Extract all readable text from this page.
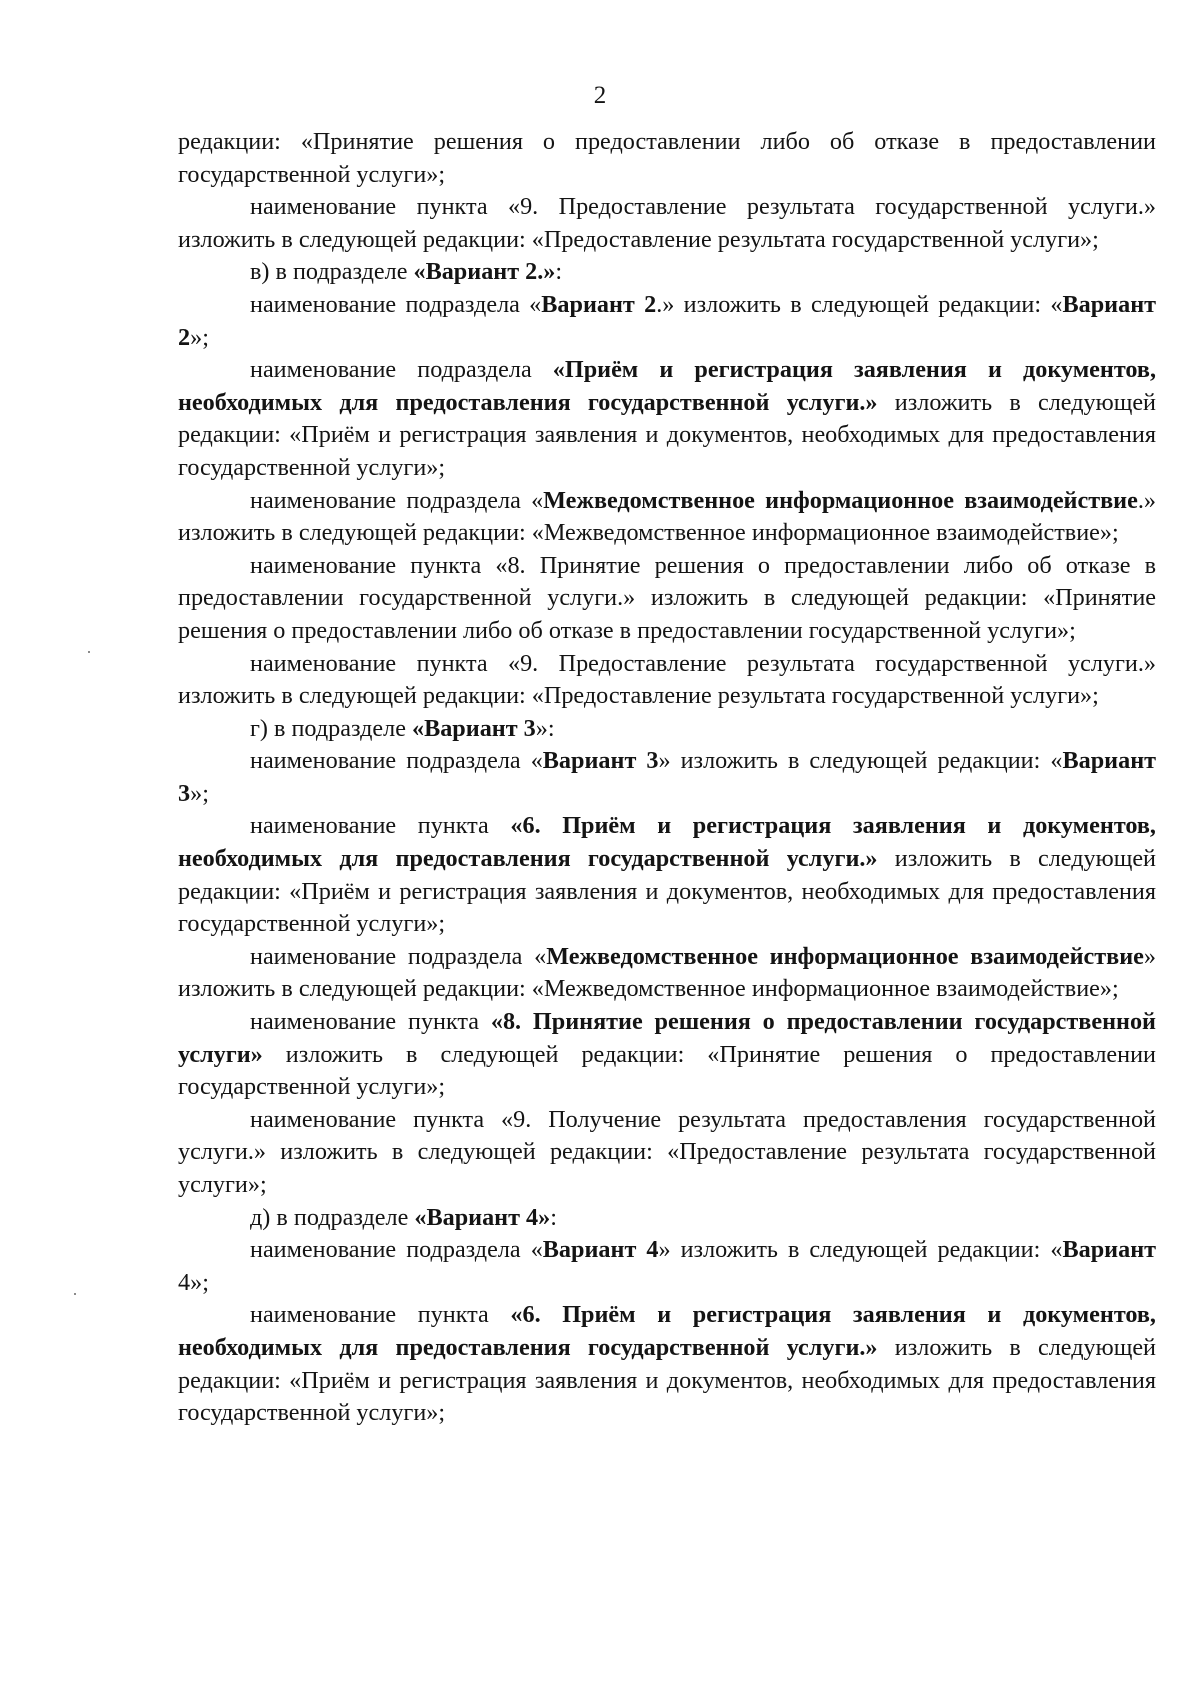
2

редакции: «Принятие решения о предоставлении либо об отказе в предоставлении государственной услуги»;

наименование пункта «9. Предоставление результата государственной услуги.» изложить в следующей редакции: «Предоставление результата государственной услуги»;

в) в подразделе «Вариант 2.»:

наименование подраздела «Вариант 2.» изложить в следующей редакции: «Вариант 2»;

наименование подраздела «Приём и регистрация заявления и документов, необходимых для предоставления государственной услуги.» изложить в следующей редакции: «Приём и регистрация заявления и документов, необходимых для предоставления государственной услуги»;

наименование подраздела «Межведомственное информационное взаимодействие.» изложить в следующей редакции: «Межведомственное информационное взаимодействие»;

наименование пункта «8. Принятие решения о предоставлении либо об отказе в предоставлении государственной услуги.» изложить в следующей редакции: «Принятие решения о предоставлении либо об отказе в предоставлении государственной услуги»;

наименование пункта «9. Предоставление результата государственной услуги.» изложить в следующей редакции: «Предоставление результата государственной услуги»;

г) в подразделе «Вариант 3»:

наименование подраздела «Вариант 3» изложить в следующей редакции: «Вариант 3»;

наименование пункта «6. Приём и регистрация заявления и документов, необходимых для предоставления государственной услуги.» изложить в следующей редакции: «Приём и регистрация заявления и документов, необходимых для предоставления государственной услуги»;

наименование подраздела «Межведомственное информационное взаимодействие» изложить в следующей редакции: «Межведомственное информационное взаимодействие»;

наименование пункта «8. Принятие решения о предоставлении государственной услуги» изложить в следующей редакции: «Принятие решения о предоставлении государственной услуги»;

наименование пункта «9. Получение результата предоставления государственной услуги.» изложить в следующей редакции: «Предоставление результата государственной услуги»;

д) в подразделе «Вариант 4»:

наименование подраздела «Вариант 4» изложить в следующей редакции: «Вариант 4»;

наименование пункта «6. Приём и регистрация заявления и документов, необходимых для предоставления государственной услуги.» изложить в следующей редакции: «Приём и регистрация заявления и документов, необходимых для предоставления государственной услуги»;
